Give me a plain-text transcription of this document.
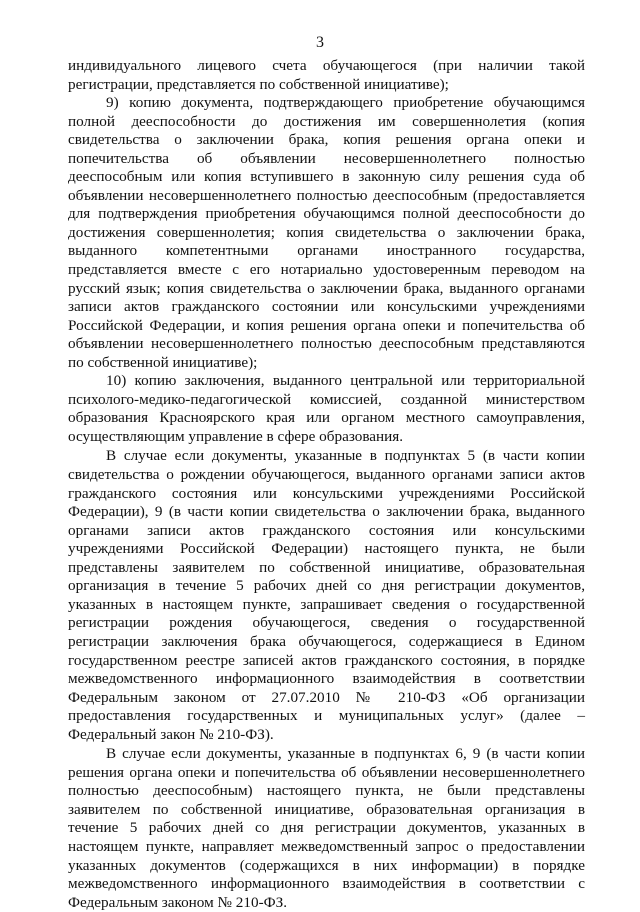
3

индивидуального лицевого счета обучающегося (при наличии такой регистрации, представляется по собственной инициативе);

9) копию документа, подтверждающего приобретение обучающимся полной дееспособности до достижения им совершеннолетия (копия свидетельства о заключении брака, копия решения органа опеки и попечительства об объявлении несовершеннолетнего полностью дееспособным или копия вступившего в законную силу решения суда об объявлении несовершеннолетнего полностью дееспособным (предоставляется для подтверждения приобретения обучающимся полной дееспособности до достижения совершеннолетия; копия свидетельства о заключении брака, выданного компетентными органами иностранного государства, представляется вместе с его нотариально удостоверенным переводом на русский язык; копия свидетельства о заключении брака, выданного органами записи актов гражданского состоянии или консульскими учреждениями Российской Федерации, и копия решения органа опеки и попечительства об объявлении несовершеннолетнего полностью дееспособным представляются по собственной инициативе);

10) копию заключения, выданного центральной или территориальной психолого-медико-педагогической комиссией, созданной министерством образования Красноярского края или органом местного самоуправления, осуществляющим управление в сфере образования.

В случае если документы, указанные в подпунктах 5 (в части копии свидетельства о рождении обучающегося, выданного органами записи актов гражданского состояния или консульскими учреждениями Российской Федерации), 9 (в части копии свидетельства о заключении брака, выданного органами записи актов гражданского состояния или консульскими учреждениями Российской Федерации) настоящего пункта, не были представлены заявителем по собственной инициативе, образовательная организация в течение 5 рабочих дней со дня регистрации документов, указанных в настоящем пункте, запрашивает сведения о государственной регистрации рождения обучающегося, сведения о государственной регистрации заключения брака обучающегося, содержащиеся в Едином государственном реестре записей актов гражданского состояния, в порядке межведомственного информационного взаимодействия в соответствии Федеральным законом от 27.07.2010 № 210-ФЗ «Об организации предоставления государственных и муниципальных услуг» (далее – Федеральный закон № 210-ФЗ).

В случае если документы, указанные в подпунктах 6, 9 (в части копии решения органа опеки и попечительства об объявлении несовершеннолетнего полностью дееспособным) настоящего пункта, не были представлены заявителем по собственной инициативе, образовательная организация в течение 5 рабочих дней со дня регистрации документов, указанных в настоящем пункте, направляет межведомственный запрос о предоставлении указанных документов (содержащихся в них информации) в порядке межведомственного информационного взаимодействия в соответствии с Федеральным законом № 210-ФЗ.
